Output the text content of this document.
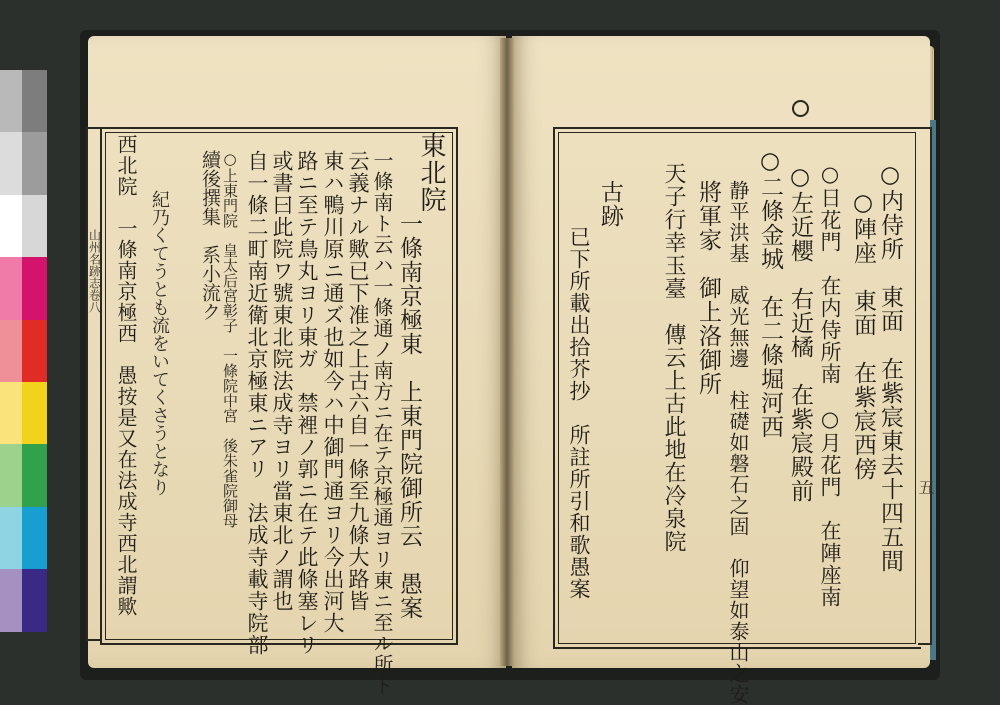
山州名跡志卷八
五
東北院
一條南京極東　上東門院御所云　愚案
一條南ト云ハ一條通ノ南方ニ在テ京極通ヨリ東ニ至ル所ト
云義ナル歟已下准之上古六自一條至九條大路皆
東ハ鴨川原ニ通ズ也如今ハ中御門通ヨリ今出河大
路ニ至テ鳥丸ヨリ東ガ　禁裡ノ郭ニ在テ此條塞レリ
或書曰此院ワ號東北院法成寺ヨリ當東北ノ謂也
自一條二町南近衛北京極東ニアリ　法成寺載寺院部
○上東門院　皇太后宮彰子　一條院中宮　後朱雀院御母
續後撰集　系小流ク
紀乃くてうとも流をいてくさうとなり
西北院　一條南京極西　愚按是又在法成寺西北謂歟	○内侍所　東面　在紫宸東去十四五間
○陣座　東面　在紫宸西傍
○日花門　在内侍所南　○月花門　在陣座南
○左近櫻　右近橘　在紫宸殿前
○二條金城　在二條堀河西
静平洪基　威光無邊　柱礎如磐石之固　仰望如泰山之安
將軍家　御上洛御所
天子行幸玉臺　傳云上古此地在冷泉院
古跡
已下所載出拾芥抄　所註所引和歌愚案
